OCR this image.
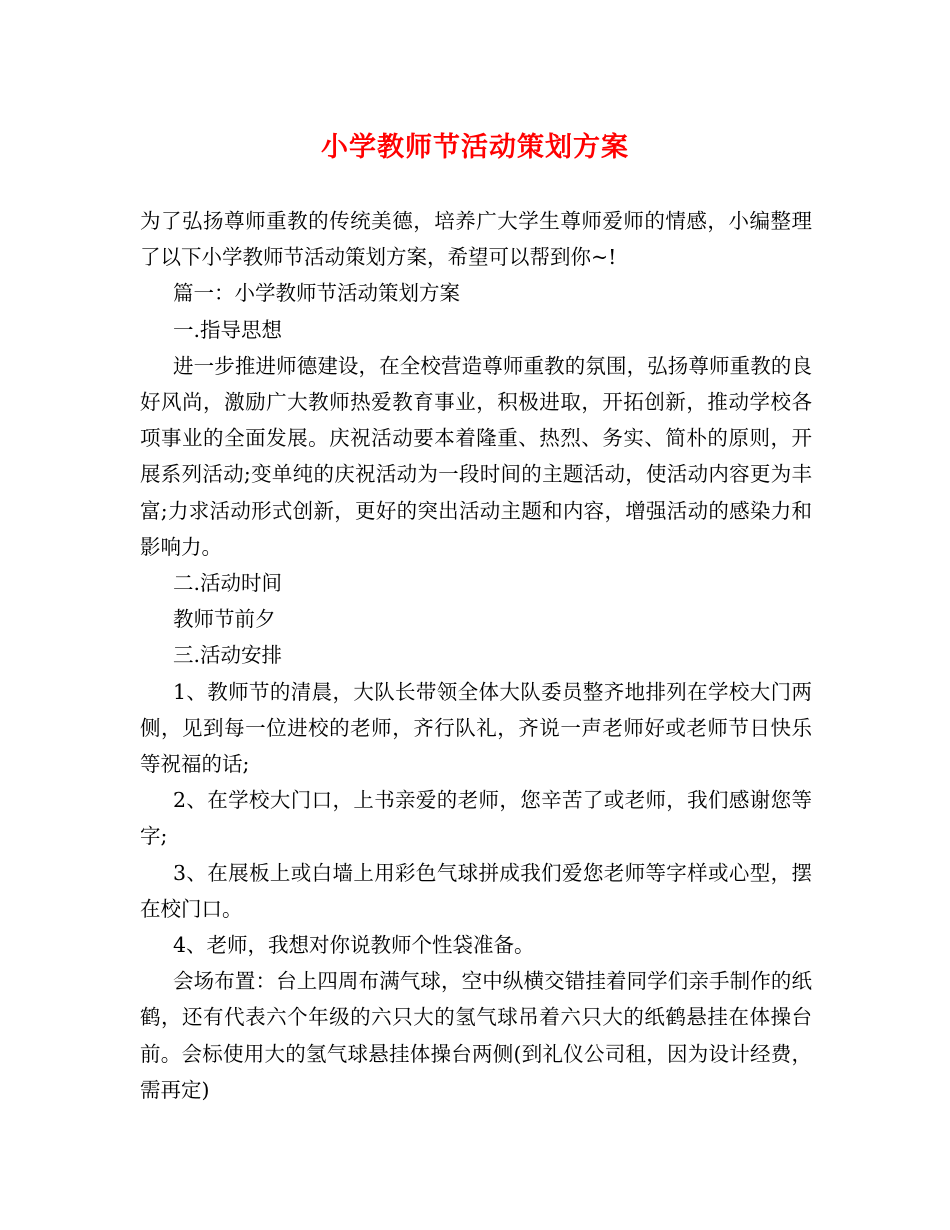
小学教师节活动策划方案

为了弘扬尊师重教的传统美德，培养广大学生尊师爱师的情感，小编整理了以下小学教师节活动策划方案，希望可以帮到你~!

篇一：小学教师节活动策划方案

一.指导思想

进一步推进师德建设，在全校营造尊师重教的氛围，弘扬尊师重教的良好风尚，激励广大教师热爱教育事业，积极进取，开拓创新，推动学校各项事业的全面发展。庆祝活动要本着隆重、热烈、务实、简朴的原则，开展系列活动;变单纯的庆祝活动为一段时间的主题活动，使活动内容更为丰富;力求活动形式创新，更好的突出活动主题和内容，增强活动的感染力和影响力。

二.活动时间

教师节前夕

三.活动安排

1、教师节的清晨，大队长带领全体大队委员整齐地排列在学校大门两侧，见到每一位进校的老师，齐行队礼，齐说一声老师好或老师节日快乐等祝福的话;

2、在学校大门口，上书亲爱的老师，您辛苦了或老师，我们感谢您等字;

3、在展板上或白墙上用彩色气球拼成我们爱您老师等字样或心型，摆在校门口。

4、老师，我想对你说教师个性袋准备。

会场布置：台上四周布满气球，空中纵横交错挂着同学们亲手制作的纸鹤，还有代表六个年级的六只大的氢气球吊着六只大的纸鹤悬挂在体操台前。会标使用大的氢气球悬挂体操台两侧(到礼仪公司租，因为设计经费，需再定)
